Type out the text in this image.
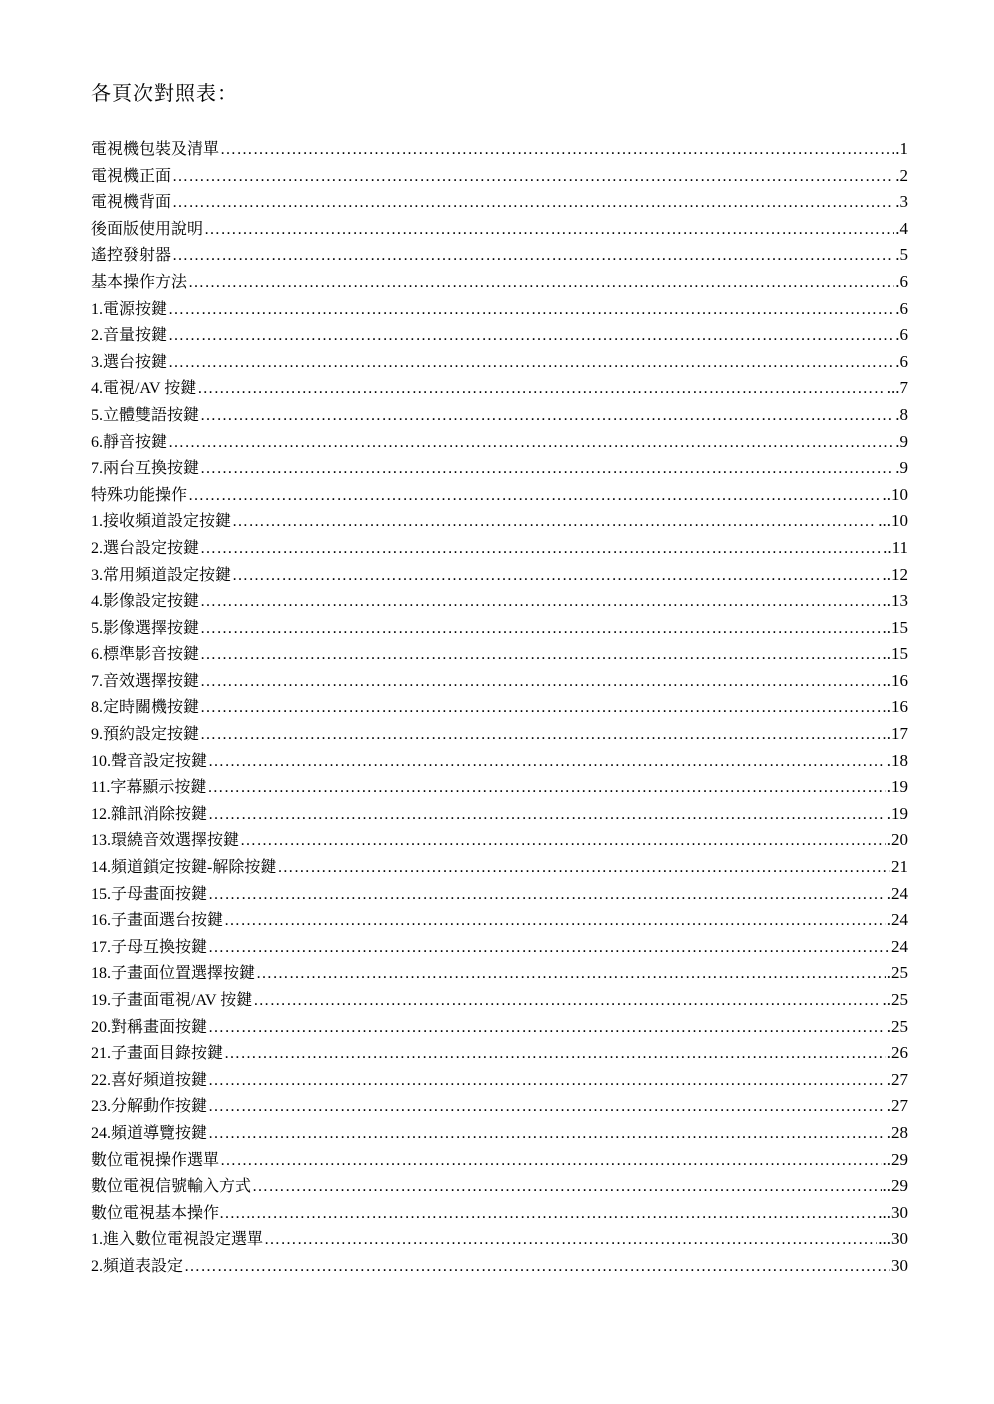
各頁次對照表：
電視機包裝及清單 ………………………………………………………………………………………………………………………………………………………………………………………………………………	.1
電視機正面 ………………………………………………………………………………………………………………………………………………………………………………………………………………	.2
電視機背面 ………………………………………………………………………………………………………………………………………………………………………………………………………………	.3
後面版使用說明 ………………………………………………………………………………………………………………………………………………………………………………………………………………	.4
遙控發射器 ………………………………………………………………………………………………………………………………………………………………………………………………………………	.5
基本操作方法 ………………………………………………………………………………………………………………………………………………………………………………………………………………	.6
1.電源按鍵 ………………………………………………………………………………………………………………………………………………………………………………………………………………	.6
2.音量按鍵 ………………………………………………………………………………………………………………………………………………………………………………………………………………	.6
3.選台按鍵 ………………………………………………………………………………………………………………………………………………………………………………………………………………	.6
4.電視/AV 按鍵 ………………………………………………………………………………………………………………………………………………………………………………………………………………	...7
5.立體雙語按鍵 ………………………………………………………………………………………………………………………………………………………………………………………………………………	.8
6.靜音按鍵 ………………………………………………………………………………………………………………………………………………………………………………………………………………	.9
7.兩台互換按鍵 ………………………………………………………………………………………………………………………………………………………………………………………………………………	.9
特殊功能操作 ………………………………………………………………………………………………………………………………………………………………………………………………………………	..10
1.接收頻道設定按鍵 ………………………………………………………………………………………………………………………………………………………………………………………………………………	...10
2.選台設定按鍵 ………………………………………………………………………………………………………………………………………………………………………………………………………………	..11
3.常用頻道設定按鍵 ………………………………………………………………………………………………………………………………………………………………………………………………………………	..12
4.影像設定按鍵 ………………………………………………………………………………………………………………………………………………………………………………………………………………	..13
5.影像選擇按鍵 ………………………………………………………………………………………………………………………………………………………………………………………………………………	..15
6.標準影音按鍵 ………………………………………………………………………………………………………………………………………………………………………………………………………………	..15
7.音效選擇按鍵 ………………………………………………………………………………………………………………………………………………………………………………………………………………	..16
8.定時關機按鍵 ………………………………………………………………………………………………………………………………………………………………………………………………………………	.16
9.預約設定按鍵 ………………………………………………………………………………………………………………………………………………………………………………………………………………	.17
10.聲音設定按鍵 ………………………………………………………………………………………………………………………………………………………………………………………………………………	.18
11.字幕顯示按鍵 ………………………………………………………………………………………………………………………………………………………………………………………………………………	.19
12.雜訊消除按鍵 ………………………………………………………………………………………………………………………………………………………………………………………………………………	.19
13.環繞音效選擇按鍵 ………………………………………………………………………………………………………………………………………………………………………………………………………………	.20
14.頻道鎖定按鍵-解除按鍵 ………………………………………………………………………………………………………………………………………………………………………………………………………………	21
15.子母畫面按鍵 ………………………………………………………………………………………………………………………………………………………………………………………………………………	.24
16.子畫面選台按鍵 ………………………………………………………………………………………………………………………………………………………………………………………………………………	.24
17.子母互換按鍵 ………………………………………………………………………………………………………………………………………………………………………………………………………………	24
18.子畫面位置選擇按鍵 ………………………………………………………………………………………………………………………………………………………………………………………………………………	.25
19.子畫面電視/AV 按鍵 ………………………………………………………………………………………………………………………………………………………………………………………………………………	..25
20.對稱畫面按鍵 ………………………………………………………………………………………………………………………………………………………………………………………………………………	.25
21.子畫面目錄按鍵 ………………………………………………………………………………………………………………………………………………………………………………………………………………	.26
22.喜好頻道按鍵 ………………………………………………………………………………………………………………………………………………………………………………………………………………	.27
23.分解動作按鍵 ………………………………………………………………………………………………………………………………………………………………………………………………………………	.27
24.頻道導覽按鍵 ………………………………………………………………………………………………………………………………………………………………………………………………………………	.28
數位電視操作選單 ………………………………………………………………………………………………………………………………………………………………………………………………………………	..29
數位電視信號輸入方式 ………………………………………………………………………………………………………………………………………………………………………………………………………………	..29
數位電視基本操作……. ………………………………………………………………………………………………………………………………………………………………………………………………………………	...30
1.進入數位電視設定選單 ………………………………………………………………………………………………………………………………………………………………………………………………………………	...30
2.頻道表設定 ………………………………………………………………………………………………………………………………………………………………………………………………………………	30
